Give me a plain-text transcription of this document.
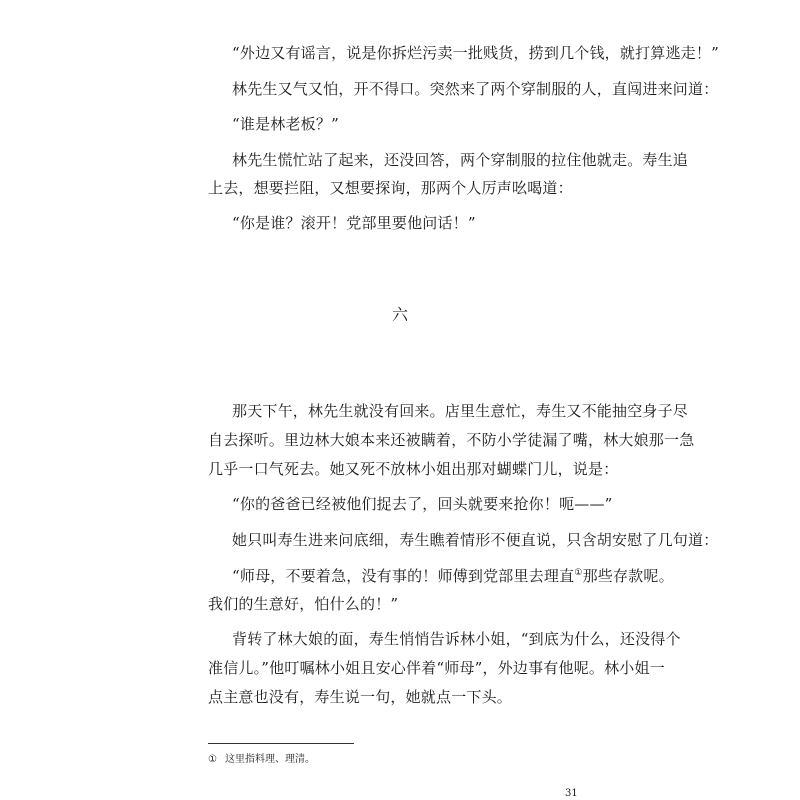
“外边又有谣言，说是你拆烂污卖一批贱货，捞到几个钱，就打算逃走！”
林先生又气又怕，开不得口。突然来了两个穿制服的人，直闯进来问道：
“谁是林老板？”
林先生慌忙站了起来，还没回答，两个穿制服的拉住他就走。寿生追
上去，想要拦阻，又想要探询，那两个人厉声吆喝道：
“你是谁？滚开！党部里要他问话！”
六
那天下午，林先生就没有回来。店里生意忙，寿生又不能抽空身子尽
自去探听。里边林大娘本来还被瞒着，不防小学徒漏了嘴，林大娘那一急
几乎一口气死去。她又死不放林小姐出那对蝴蝶门儿，说是：
“你的爸爸已经被他们捉去了，回头就要来抢你！呃——”
她只叫寿生进来问底细，寿生瞧着情形不便直说，只含胡安慰了几句道：
“师母，不要着急，没有事的！师傅到党部里去理直①那些存款呢。
我们的生意好，怕什么的！”
背转了林大娘的面，寿生悄悄告诉林小姐，“到底为什么，还没得个
准信儿。”他叮嘱林小姐且安心伴着“师母”，外边事有他呢。林小姐一
点主意也没有，寿生说一句，她就点一下头。
① 这里指料理、理清。
31
